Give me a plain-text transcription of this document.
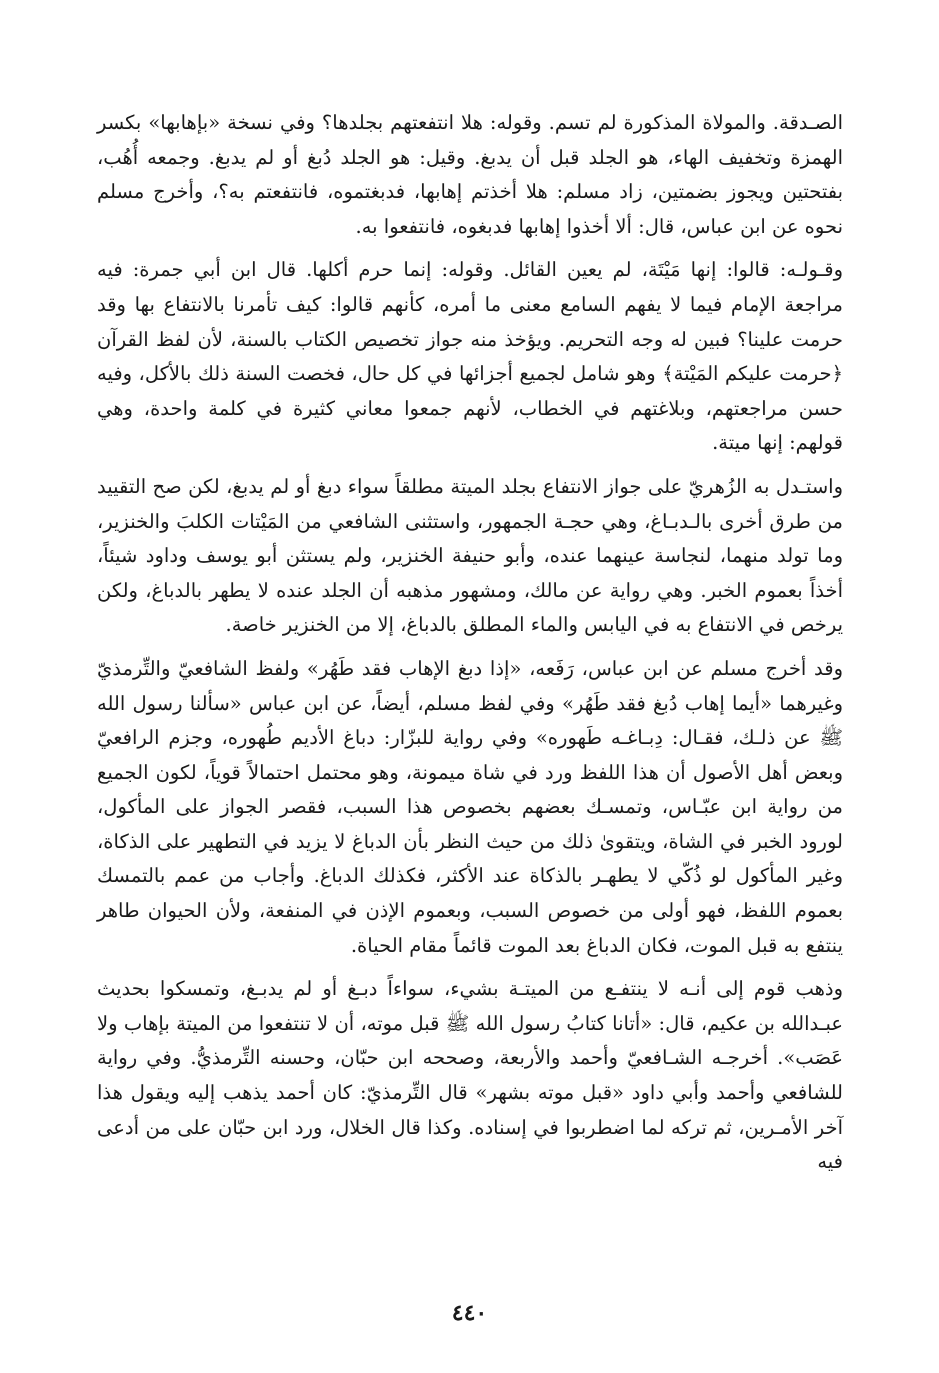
الصـدقة. والمولاة المذكورة لم تسم. وقوله: هلا انتفعتهم بجلدها؟ وفي نسخة «بإهابها» بكسر الهمزة وتخفيف الهاء، هو الجلد قبل أن يدبغ. وقيل: هو الجلد دُبغ أو لم يدبغ. وجمعه أُهُب، بفتحتين ويجوز بضمتين، زاد مسلم: هلا أخذتم إهابها، فدبغتموه، فانتفعتم به؟، وأخرج مسلم نحوه عن ابن عباس، قال: ألا أخذوا إهابها فدبغوه، فانتفعوا به.

وقـولـه: قالوا: إنها مَيْتَة، لم يعين القائل. وقوله: إنما حرم أكلها. قال ابن أبي جمرة: فيه مراجعة الإمام فيما لا يفهم السامع معنى ما أمره، كأنهم قالوا: كيف تأمرنا بالانتفاع بها وقد حرمت علينا؟ فبين له وجه التحريم. ويؤخذ منه جواز تخصيص الكتاب بالسنة، لأن لفظ القرآن ﴿حرمت عليكم المَيْتة﴾ وهو شامل لجميع أجزائها في كل حال، فخصت السنة ذلك بالأكل، وفيه حسن مراجعتهم، وبلاغتهم في الخطاب، لأنهم جمعوا معاني كثيرة في كلمة واحدة، وهي قولهم: إنها ميتة.

واستـدل به الزُهريّ على جواز الانتفاع بجلد الميتة مطلقاً سواء دبغ أو لم يدبغ، لكن صح التقييد من طرق أخرى بالـدبـاغ، وهي حجـة الجمهور، واستثنى الشافعي من المَيْتات الكلبَ والخنزير، وما تولد منهما، لنجاسة عينهما عنده، وأبو حنيفة الخنزير، ولم يستثن أبو يوسف وداود شيئاً، أخذاً بعموم الخبر. وهي رواية عن مالك، ومشهور مذهبه أن الجلد عنده لا يطهر بالدباغ، ولكن يرخص في الانتفاع به في اليابس والماء المطلق بالدباغ، إلا من الخنزير خاصة.

وقد أخرج مسلم عن ابن عباس، رَفَعه، «إذا دبغ الإهاب فقد طَهُر» ولفظ الشافعيّ والتِّرمذيّ وغيرهما «أيما إهاب دُبغ فقد طَهُر» وفي لفظ مسلم، أيضاً، عن ابن عباس «سألنا رسول الله ﷺ عن ذلـك، فقـال: دِبـاغـه طَهوره» وفي رواية للبزّار: دباغ الأديم طُهوره، وجزم الرافعيّ وبعض أهل الأصول أن هذا اللفظ ورد في شاة ميمونة، وهو محتمل احتمالاً قوياً، لكون الجميع من رواية ابن عبّـاس، وتمسـك بعضهم بخصوص هذا السبب، فقصر الجواز على المأكول، لورود الخبر في الشاة، ويتقوىٰ ذلك من حيث النظر بأن الدباغ لا يزيد في التطهير على الذكاة، وغير المأكول لو ذُكّي لا يطهـر بالذكاة عند الأكثر، فكذلك الدباغ. وأجاب من عمم بالتمسك بعموم اللفظ، فهو أولى من خصوص السبب، وبعموم الإذن في المنفعة، ولأن الحيوان طاهر ينتفع به قبل الموت، فكان الدباغ بعد الموت قائماً مقام الحياة.

وذهب قوم إلى أنـه لا ينتفـع من الميتـة بشيء، سواءاً دبـغ أو لم يدبـغ، وتمسكوا بحديث عبـدالله بن عكيم، قال: «أتانا كتابُ رسول الله ﷺ قبل موته، أن لا تنتفعوا من الميتة بإهاب ولا عَصَب». أخرجـه الشـافعيّ وأحمد والأربعة، وصححه ابن حبّان، وحسنه التِّرمذيُّ. وفي رواية للشافعي وأحمد وأبي داود «قبل موته بشهر» قال التِّرمذيّ: كان أحمد يذهب إليه ويقول هذا آخر الأمـرين، ثم تركه لما اضطربوا في إسناده. وكذا قال الخلال، ورد ابن حبّان على من أدعى فيه

٤٤٠
